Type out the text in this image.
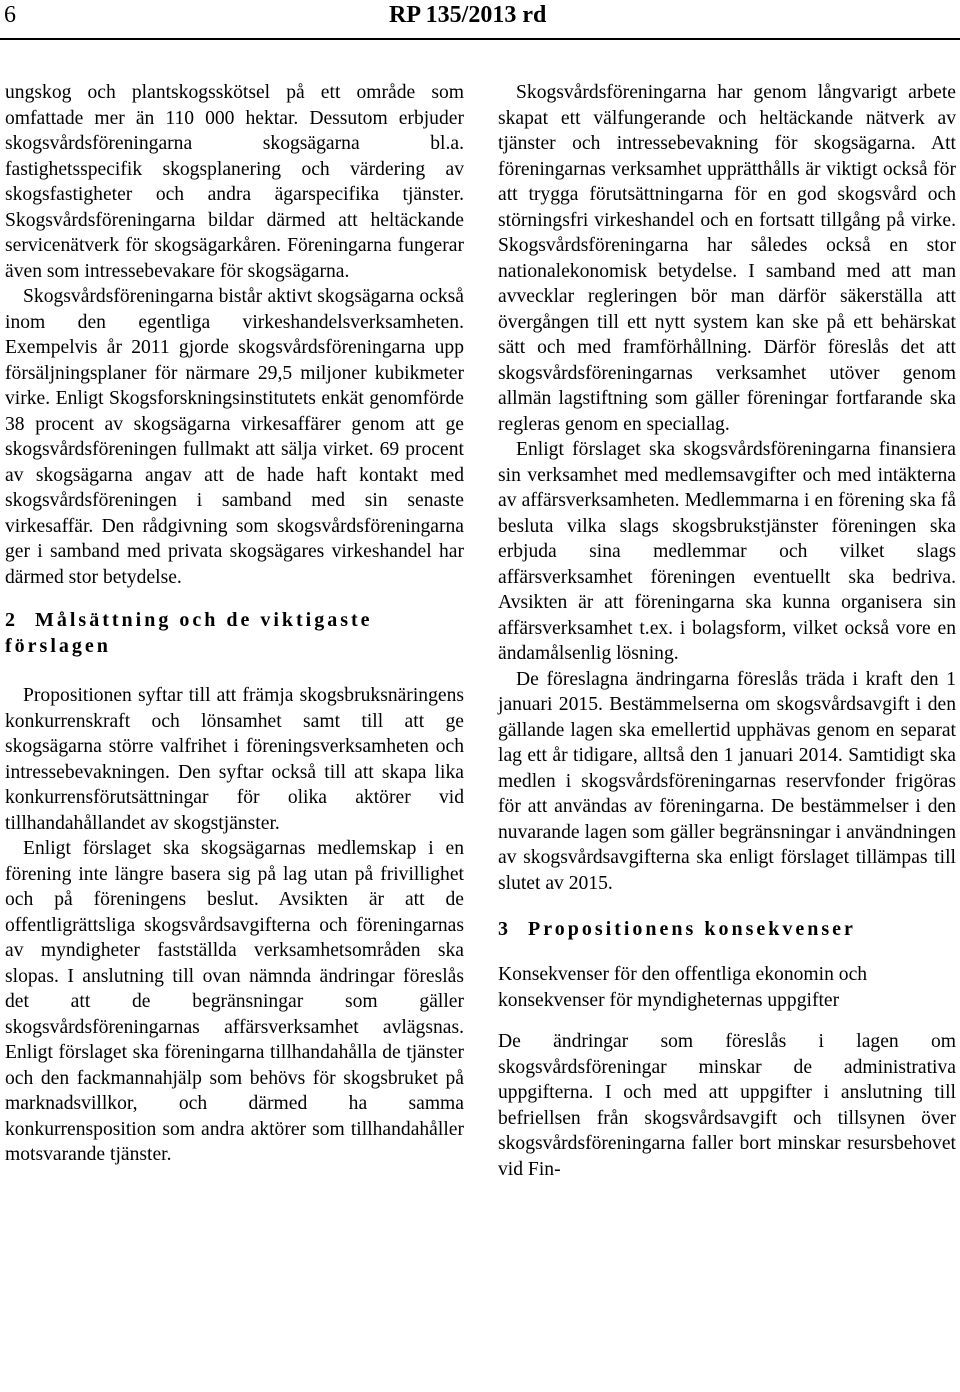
6	RP 135/2013 rd

ungskog och plantskogsskötsel på ett område som omfattade mer än 110 000 hektar. Dessutom erbjuder skogsvårdsföreningarna skogsägarna bl.a. fastighetsspecifik skogsplanering och värdering av skogsfastigheter och andra ägarspecifika tjänster. Skogsvårdsföreningarna bildar därmed att heltäckande servicenätverk för skogsägarkåren. Föreningarna fungerar även som intressebevakare för skogsägarna.

Skogsvårdsföreningarna bistår aktivt skogsägarna också inom den egentliga virkeshandelsverksamheten. Exempelvis år 2011 gjorde skogsvårdsföreningarna upp försäljningsplaner för närmare 29,5 miljoner kubikmeter virke. Enligt Skogsforskningsinstitutets enkät genomförde 38 procent av skogsägarna virkesaffärer genom att ge skogsvårdsföreningen fullmakt att sälja virket. 69 procent av skogsägarna angav att de hade haft kontakt med skogsvårdsföreningen i samband med sin senaste virkesaffär. Den rådgivning som skogsvårdsföreningarna ger i samband med privata skogsägares virkeshandel har därmed stor betydelse.

2 Målsättning och de viktigaste förslagen

Propositionen syftar till att främja skogsbruksnäringens konkurrenskraft och lönsamhet samt till att ge skogsägarna större valfrihet i föreningsverksamheten och intressebevakningen. Den syftar också till att skapa lika konkurrensförutsättningar för olika aktörer vid tillhandahållandet av skogstjänster.

Enligt förslaget ska skogsägarnas medlemskap i en förening inte längre basera sig på lag utan på frivillighet och på föreningens beslut. Avsikten är att de offentligrättsliga skogsvårdsavgifterna och föreningarnas av myndigheter fastställda verksamhetsområden ska slopas. I anslutning till ovan nämnda ändringar föreslås det att de begränsningar som gäller skogsvårdsföreningarnas affärsverksamhet avlägsnas. Enligt förslaget ska föreningarna tillhandahålla de tjänster och den fackmannahjälp som behövs för skogsbruket på marknadsvillkor, och därmed ha samma konkurrensposition som andra aktörer som tillhandahåller motsvarande tjänster.

Skogsvårdsföreningarna har genom långvarigt arbete skapat ett välfungerande och heltäckande nätverk av tjänster och intressebevakning för skogsägarna. Att föreningarnas verksamhet upprätthålls är viktigt också för att trygga förutsättningarna för en god skogsvård och störningsfri virkeshandel och en fortsatt tillgång på virke. Skogsvårdsföreningarna har således också en stor nationalekonomisk betydelse. I samband med att man avvecklar regleringen bör man därför säkerställa att övergången till ett nytt system kan ske på ett behärskat sätt och med framförhållning. Därför föreslås det att skogsvårdsföreningarnas verksamhet utöver genom allmän lagstiftning som gäller föreningar fortfarande ska regleras genom en speciallag.

Enligt förslaget ska skogsvårdsföreningarna finansiera sin verksamhet med medlemsavgifter och med intäkterna av affärsverksamheten. Medlemmarna i en förening ska få besluta vilka slags skogsbrukstjänster föreningen ska erbjuda sina medlemmar och vilket slags affärsverksamhet föreningen eventuellt ska bedriva. Avsikten är att föreningarna ska kunna organisera sin affärsverksamhet t.ex. i bolagsform, vilket också vore en ändamålsenlig lösning.

De föreslagna ändringarna föreslås träda i kraft den 1 januari 2015. Bestämmelserna om skogsvårdsavgift i den gällande lagen ska emellertid upphävas genom en separat lag ett år tidigare, alltså den 1 januari 2014. Samtidigt ska medlen i skogsvårdsföreningarnas reservfonder frigöras för att användas av föreningarna. De bestämmelser i den nuvarande lagen som gäller begränsningar i användningen av skogsvårdsavgifterna ska enligt förslaget tillämpas till slutet av 2015.

3 Propositionens konsekvenser

Konsekvenser för den offentliga ekonomin och konsekvenser för myndigheternas uppgifter

De ändringar som föreslås i lagen om skogsvårdsföreningar minskar de administrativa uppgifterna. I och med att uppgifter i anslutning till befriellsen från skogsvårdsavgift och tillsynen över skogsvårdsföreningarna faller bort minskar resursbehovet vid Fin-
